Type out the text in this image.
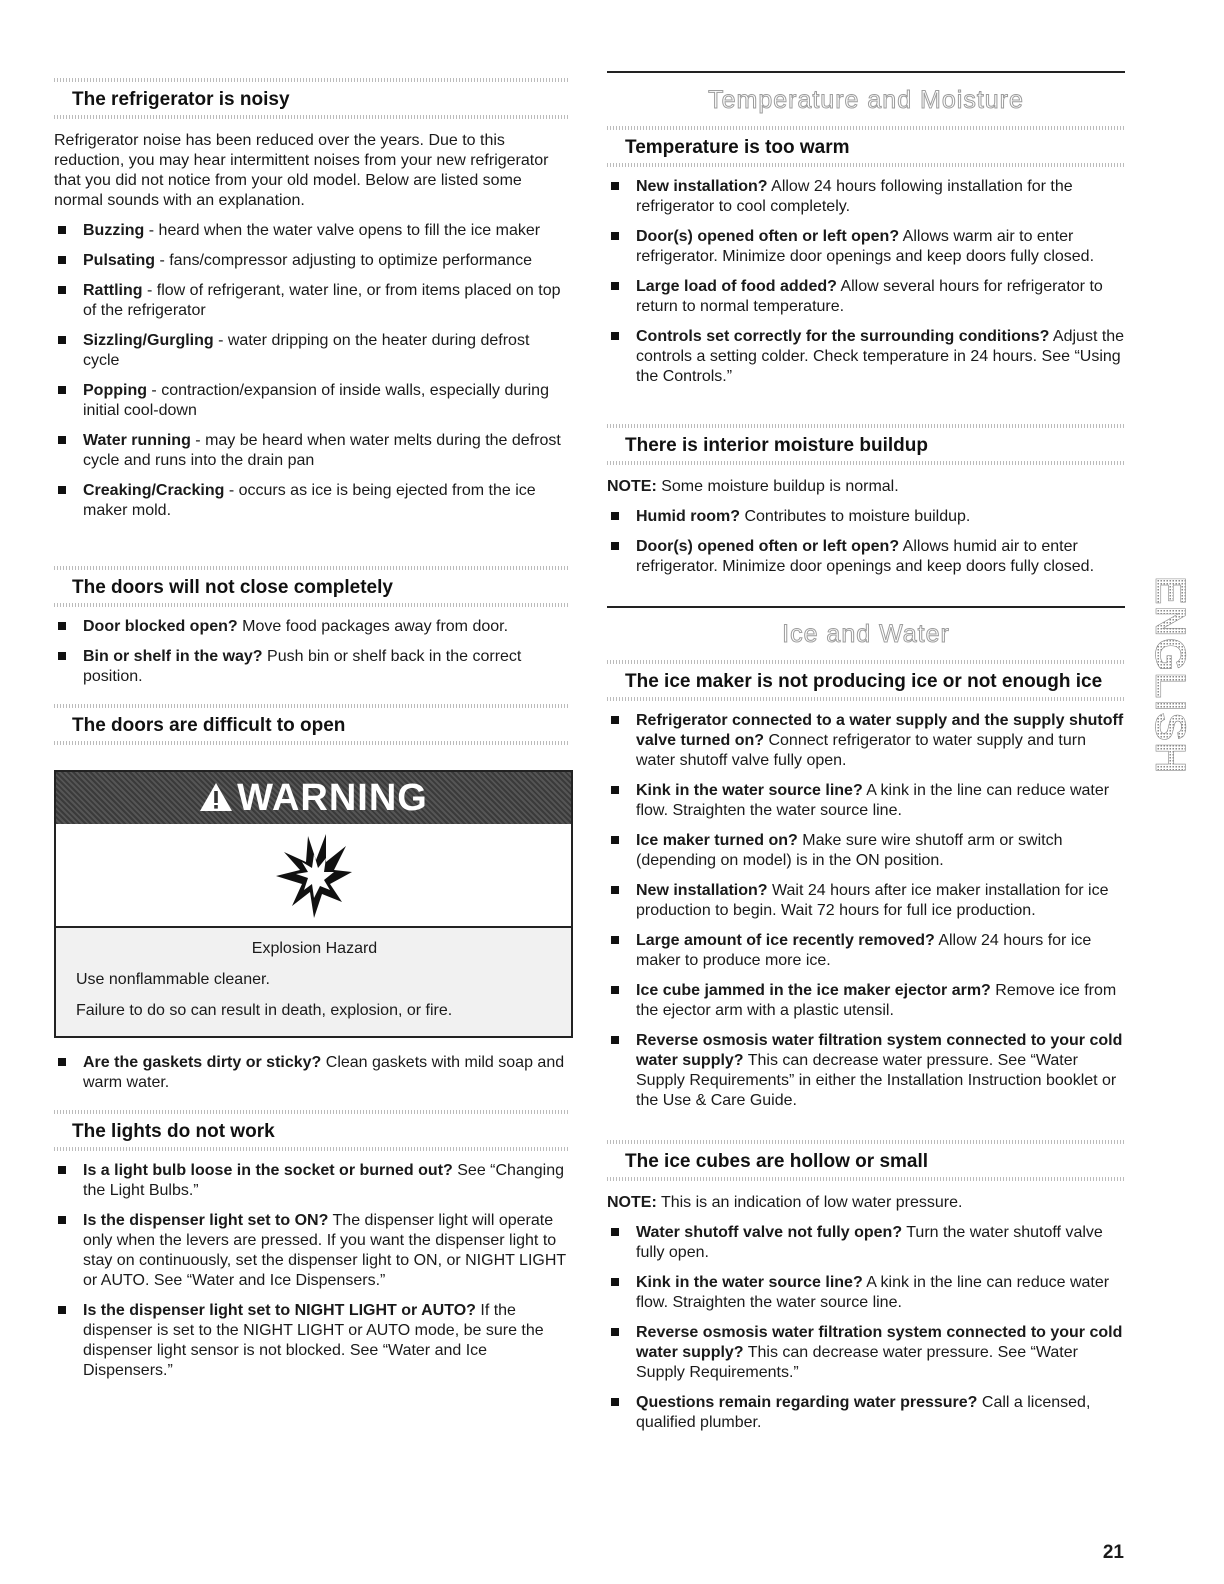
The refrigerator is noisy

Refrigerator noise has been reduced over the years. Due to this reduction, you may hear intermittent noises from your new refrigerator that you did not notice from your old model. Below are listed some normal sounds with an explanation.

Buzzing - heard when the water valve opens to fill the ice maker
Pulsating - fans/compressor adjusting to optimize performance
Rattling - flow of refrigerant, water line, or from items placed on top of the refrigerator
Sizzling/Gurgling - water dripping on the heater during defrost cycle
Popping - contraction/expansion of inside walls, especially during initial cool-down
Water running - may be heard when water melts during the defrost cycle and runs into the drain pan
Creaking/Cracking - occurs as ice is being ejected from the ice maker mold.
The doors will not close completely
Door blocked open? Move food packages away from door.
Bin or shelf in the way? Push bin or shelf back in the correct position.
The doors are difficult to open
WARNING
Explosion Hazard
Use nonflammable cleaner.
Failure to do so can result in death, explosion, or fire.
Are the gaskets dirty or sticky? Clean gaskets with mild soap and warm water.
The lights do not work
Is a light bulb loose in the socket or burned out? See “Changing the Light Bulbs.”
Is the dispenser light set to ON? The dispenser light will operate only when the levers are pressed. If you want the dispenser light to stay on continuously, set the dispenser light to ON, or NIGHT LIGHT or AUTO. See “Water and Ice Dispensers.”
Is the dispenser light set to NIGHT LIGHT or AUTO? If the dispenser is set to the NIGHT LIGHT or AUTO mode, be sure the dispenser light sensor is not blocked. See “Water and Ice Dispensers.”
Temperature and Moisture
Temperature is too warm
New installation? Allow 24 hours following installation for the refrigerator to cool completely.
Door(s) opened often or left open? Allows warm air to enter refrigerator. Minimize door openings and keep doors fully closed.
Large load of food added? Allow several hours for refrigerator to return to normal temperature.
Controls set correctly for the surrounding conditions? Adjust the controls a setting colder. Check temperature in 24 hours. See “Using the Controls.”
There is interior moisture buildup

NOTE: Some moisture buildup is normal.

Humid room? Contributes to moisture buildup.
Door(s) opened often or left open? Allows humid air to enter refrigerator. Minimize door openings and keep doors fully closed.
Ice and Water
The ice maker is not producing ice or not enough ice
Refrigerator connected to a water supply and the supply shutoff valve turned on? Connect refrigerator to water supply and turn water shutoff valve fully open.
Kink in the water source line? A kink in the line can reduce water flow. Straighten the water source line.
Ice maker turned on? Make sure wire shutoff arm or switch (depending on model) is in the ON position.
New installation? Wait 24 hours after ice maker installation for ice production to begin. Wait 72 hours for full ice production.
Large amount of ice recently removed? Allow 24 hours for ice maker to produce more ice.
Ice cube jammed in the ice maker ejector arm? Remove ice from the ejector arm with a plastic utensil.
Reverse osmosis water filtration system connected to your cold water supply? This can decrease water pressure. See “Water Supply Requirements” in either the Installation Instruction booklet or the Use & Care Guide.
The ice cubes are hollow or small

NOTE: This is an indication of low water pressure.

Water shutoff valve not fully open? Turn the water shutoff valve fully open.
Kink in the water source line? A kink in the line can reduce water flow. Straighten the water source line.
Reverse osmosis water filtration system connected to your cold water supply? This can decrease water pressure. See “Water Supply Requirements.”
Questions remain regarding water pressure? Call a licensed, qualified plumber.
ENGLISH
21
